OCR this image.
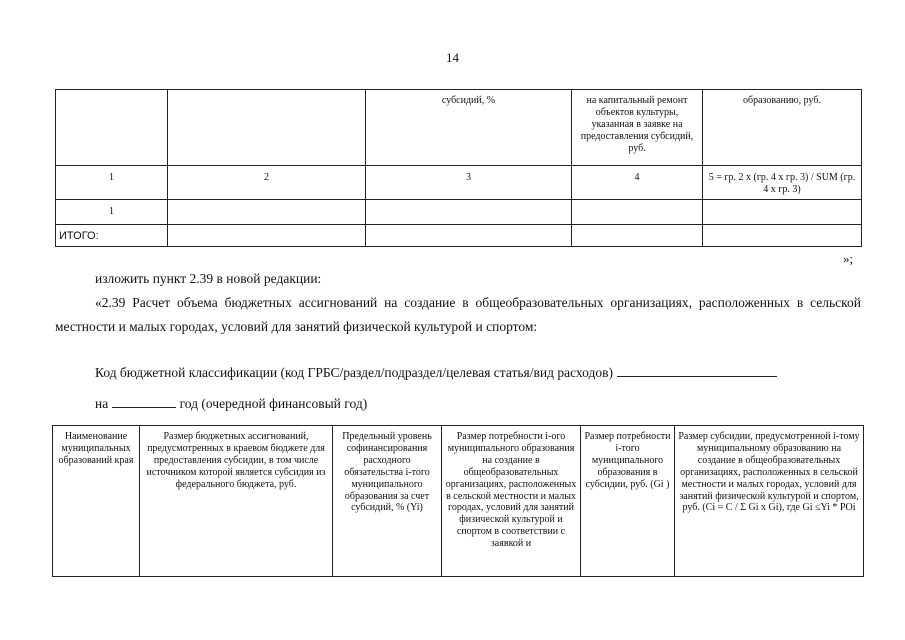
14
		субсидий, %	на капитальный ремонт объектов культуры, указанная в заявке на предоставления субсидий, руб.	образованию, руб.
1	2	3	4	5 = гр. 2 x (гр. 4 x гр. 3) / SUM (гр. 4 x гр. 3)
1				
ИТОГО:				
»;
изложить пункт 2.39 в новой редакции:
«2.39 Расчет объема бюджетных ассигнований на создание в общеобразовательных организациях, расположенных в сельской местности и малых городах, условий для занятий физической культурой и спортом:
Код бюджетной классификации (код ГРБС/раздел/подраздел/целевая статья/вид расходов)
на	год (очередной финансовый год)
Наименование муниципальных образований края	Размер бюджетных ассигнований, предусмотренных в краевом бюджете для предоставления субсидии, в том числе источником которой является субсидия из федерального бюджета, руб.	Предельный уровень софинансирования расходного обязательства i-того муниципального образования за счет субсидий, % (Yi)	Размер потребности i-ого муниципального образования на создание в общеобразовательных организациях, расположенных в сельской местности и малых городах, условий для занятий физической культурой и спортом в соответствии с заявкой и	Размер потребности i-того муниципального образования в субсидии, руб. (Gi )	Размер субсидии, предусмотренной i-тому муниципальному образованию на создание в общеобразовательных организациях, расположенных в сельской местности и малых городах, условий для занятий физической культурой и спортом, руб. (Ci = C / Σ Gi x Gi), где Gi ≤Yi * POi
